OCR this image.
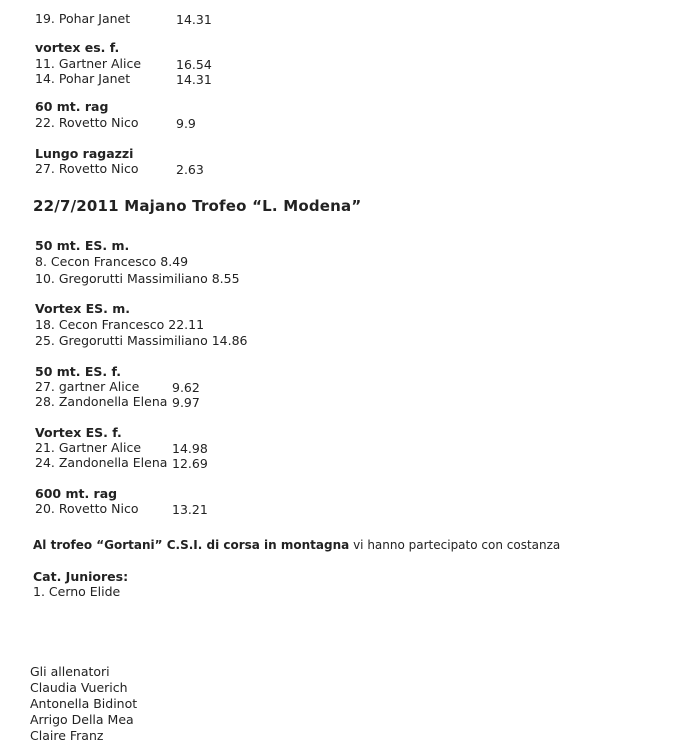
19. Pohar Janet	14.31
vortex es. f.
11. Gartner Alice	16.54
14. Pohar Janet	14.31
60 mt. rag
22. Rovetto Nico	9.9
Lungo ragazzi
27. Rovetto Nico	2.63
22/7/2011 Majano Trofeo “L. Modena”
50 mt. ES. m.
8. Cecon Francesco 8.49
10. Gregorutti Massimiliano 8.55
Vortex ES. m.
18. Cecon Francesco 22.11
25. Gregorutti Massimiliano 14.86
50 mt. ES. f.
27. gartner Alice	9.62
28. Zandonella Elena 9.97
Vortex ES. f.
21. Gartner Alice 14.98
24. Zandonella Elena 12.69
600 mt. rag
20. Rovetto Nico	13.21
Al trofeo “Gortani” C.S.I. di corsa in montagna vi hanno partecipato con costanza
Cat. Juniores:
1. Cerno Elide
Gli allenatori
Claudia Vuerich
Antonella Bidinot
Arrigo Della Mea
Claire Franz
